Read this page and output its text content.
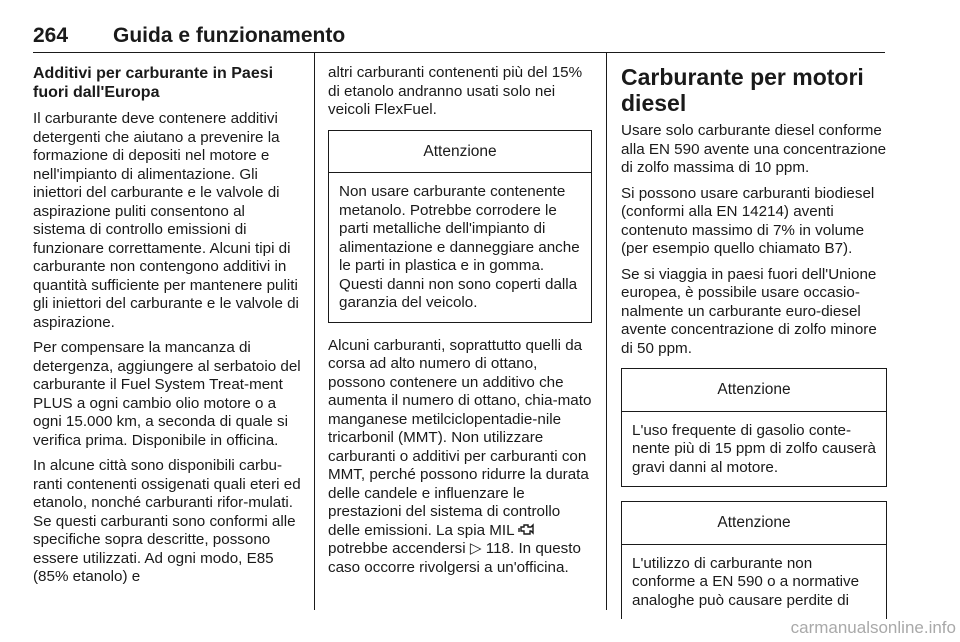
264 Guida e funzionamento
Additivi per carburante in Paesi fuori dall'Europa

Il carburante deve contenere additivi detergenti che aiutano a prevenire la formazione di depositi nel motore e nell'impianto di alimentazione. Gli iniettori del carburante e le valvole di aspirazione puliti consentono al sistema di controllo emissioni di funzionare correttamente. Alcuni tipi di carburante non contengono additivi in quantità sufficiente per mantenere puliti gli iniettori del carburante e le valvole di aspirazione.

Per compensare la mancanza di detergenza, aggiungere al serbatoio del carburante il Fuel System Treat-ment PLUS a ogni cambio olio motore o a ogni 15.000 km, a seconda di quale si verifica prima. Disponibile in officina.

In alcune città sono disponibili carbu-ranti contenenti ossigenati quali eteri ed etanolo, nonché carburanti rifor-mulati. Se questi carburanti sono conformi alle specifiche sopra descritte, possono essere utilizzati. Ad ogni modo, E85 (85% etanolo) e

altri carburanti contenenti più del 15% di etanolo andranno usati solo nei veicoli FlexFuel.

Attenzione
Non usare carburante contenente metanolo. Potrebbe corrodere le parti metalliche dell'impianto di alimentazione e danneggiare anche le parti in plastica e in gomma. Questi danni non sono coperti dalla garanzia del veicolo.

Alcuni carburanti, soprattutto quelli da corsa ad alto numero di ottano, possono contenere un additivo che aumenta il numero di ottano, chia-mato manganese metilciclopentadie-nile tricarbonil (MMT). Non utilizzare carburanti o additivi per carburanti con MMT, perché possono ridurre la durata delle candele e influenzare le prestazioni del sistema di controllo delle emissioni. La spia MIL  potrebbe accendersi ▷ 118. In questo caso occorre rivolgersi a un'officina.

Carburante per motori diesel

Usare solo carburante diesel conforme alla EN 590 avente una concentrazione di zolfo massima di 10 ppm.

Si possono usare carburanti biodiesel (conformi alla EN 14214) aventi contenuto massimo di 7% in volume (per esempio quello chiamato B7).

Se si viaggia in paesi fuori dell'Unione europea, è possibile usare occasio-nalmente un carburante euro-diesel avente concentrazione di zolfo minore di 50 ppm.

Attenzione
L'uso frequente di gasolio conte-nente più di 15 ppm di zolfo causerà gravi danni al motore.
Attenzione
L'utilizzo di carburante non conforme a EN 590 o a normative analoghe può causare perdite di
carmanualsonline.info
